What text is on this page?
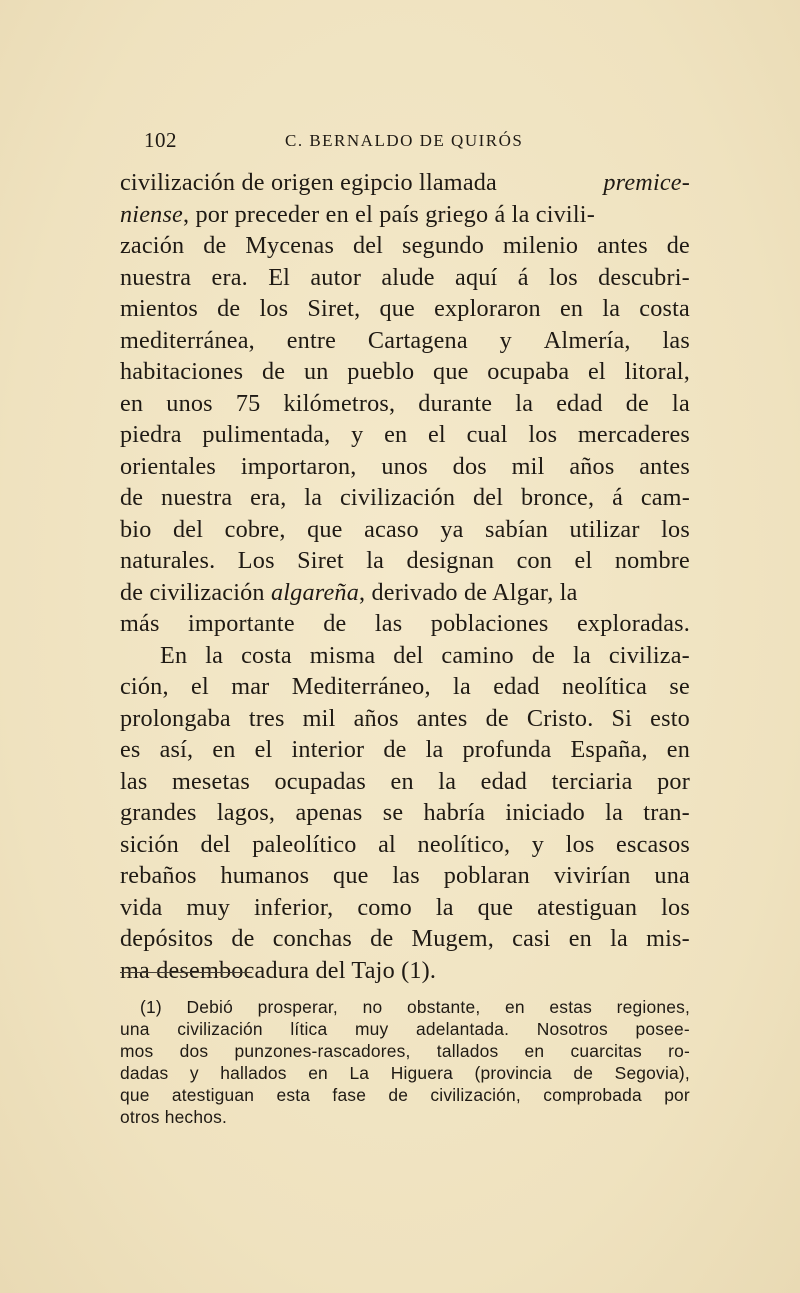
102	C. BERNALDO DE QUIRÓS
civilización de origen egipcio llamada	premice-
niense , por preceder en el país griego á la civili-
zación de Mycenas del segundo milenio antes de
nuestra era. El autor alude aquí á los descubri-
mientos de los Siret, que exploraron en la costa
mediterránea, entre Cartagena y Almería, las
habitaciones de un pueblo que ocupaba el litoral,
en unos 75 kilómetros, durante la edad de la
piedra pulimentada, y en el cual los mercaderes
orientales importaron, unos dos mil años antes
de nuestra era, la civilización del bronce, á cam-
bio del cobre, que acaso ya sabían utilizar los
naturales. Los Siret la designan con el nombre
de civilización algareña , derivado de Algar, la
más importante de las poblaciones exploradas.
En la costa misma del camino de la civiliza-
ción, el mar Mediterráneo, la edad neolítica se
prolongaba tres mil años antes de Cristo. Si esto
es así, en el interior de la profunda España, en
las mesetas ocupadas en la edad terciaria por
grandes lagos, apenas se habría iniciado la tran-
sición del paleolítico al neolítico, y los escasos
rebaños humanos que las poblaran vivirían una
vida muy inferior, como la que atestiguan los
depósitos de conchas de Mugem, casi en la mis-
ma desembocadura del Tajo (1).
(1) Debió prosperar, no obstante, en estas regiones,
una civilización lítica muy adelantada. Nosotros posee-
mos dos punzones-rascadores, tallados en cuarcitas ro-
dadas y hallados en La Higuera (provincia de Segovia),
que atestiguan esta fase de civilización, comprobada por
otros hechos.
